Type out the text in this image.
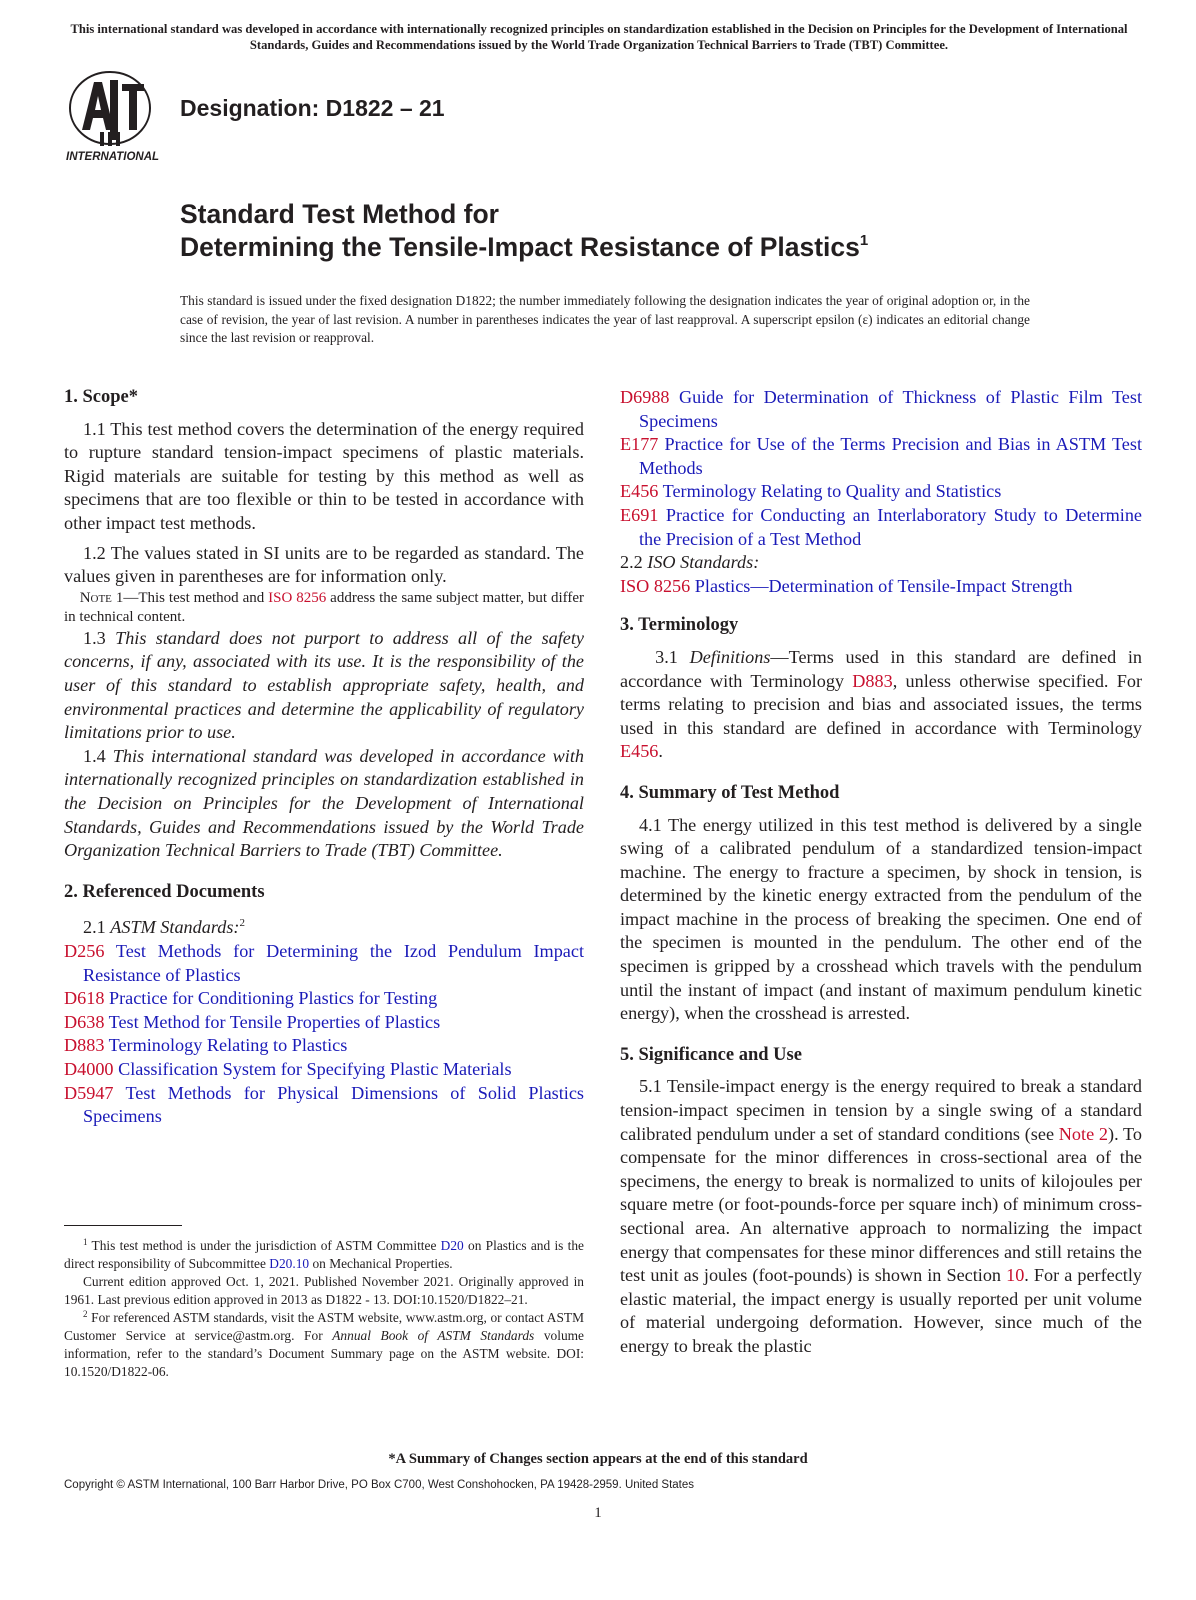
This international standard was developed in accordance with internationally recognized principles on standardization established in the Decision on Principles for the Development of International Standards, Guides and Recommendations issued by the World Trade Organization Technical Barriers to Trade (TBT) Committee.
INTERNATIONAL
Designation: D1822 – 21
Standard Test Method for
Determining the Tensile-Impact Resistance of Plastics$^1$
This standard is issued under the fixed designation D1822; the number immediately following the designation indicates the year of original adoption or, in the case of revision, the year of last revision. A number in parentheses indicates the year of last reapproval. A superscript epsilon (ε) indicates an editorial change since the last revision or reapproval.
1. Scope*

1.1 This test method covers the determination of the energy required to rupture standard tension-impact specimens of plastic materials. Rigid materials are suitable for testing by this method as well as specimens that are too flexible or thin to be tested in accordance with other impact test methods.

1.2 The values stated in SI units are to be regarded as standard. The values given in parentheses are for information only.

Note 1—This test method and ISO 8256 address the same subject matter, but differ in technical content.

1.3 This standard does not purport to address all of the safety concerns, if any, associated with its use. It is the responsibility of the user of this standard to establish appropriate safety, health, and environmental practices and determine the applicability of regulatory limitations prior to use.

1.4 This international standard was developed in accordance with internationally recognized principles on standardization established in the Decision on Principles for the Development of International Standards, Guides and Recommendations issued by the World Trade Organization Technical Barriers to Trade (TBT) Committee.

2. Referenced Documents

2.1 ASTM Standards:$^2$

D256 Test Methods for Determining the Izod Pendulum Impact Resistance of Plastics

D618 Practice for Conditioning Plastics for Testing

D638 Test Method for Tensile Properties of Plastics

D883 Terminology Relating to Plastics

D4000 Classification System for Specifying Plastic Materials

D5947 Test Methods for Physical Dimensions of Solid Plastics Specimens

D6988 Guide for Determination of Thickness of Plastic Film Test Specimens

E177 Practice for Use of the Terms Precision and Bias in ASTM Test Methods

E456 Terminology Relating to Quality and Statistics

E691 Practice for Conducting an Interlaboratory Study to Determine the Precision of a Test Method

2.2 ISO Standards:

ISO 8256 Plastics—Determination of Tensile-Impact Strength

3. Terminology

3.1 Definitions—Terms used in this standard are defined in accordance with Terminology D883, unless otherwise specified. For terms relating to precision and bias and associated issues, the terms used in this standard are defined in accordance with Terminology E456.

4. Summary of Test Method

4.1 The energy utilized in this test method is delivered by a single swing of a calibrated pendulum of a standardized tension-impact machine. The energy to fracture a specimen, by shock in tension, is determined by the kinetic energy extracted from the pendulum of the impact machine in the process of breaking the specimen. One end of the specimen is mounted in the pendulum. The other end of the specimen is gripped by a crosshead which travels with the pendulum until the instant of impact (and instant of maximum pendulum kinetic energy), when the crosshead is arrested.

5. Significance and Use

5.1 Tensile-impact energy is the energy required to break a standard tension-impact specimen in tension by a single swing of a standard calibrated pendulum under a set of standard conditions (see Note 2). To compensate for the minor differences in cross-sectional area of the specimens, the energy to break is normalized to units of kilojoules per square metre (or foot-pounds-force per square inch) of minimum cross-sectional area. An alternative approach to normalizing the impact energy that compensates for these minor differences and still retains the test unit as joules (foot-pounds) is shown in Section 10. For a perfectly elastic material, the impact energy is usually reported per unit volume of material undergoing deformation. However, since much of the energy to break the plastic

$^1$ This test method is under the jurisdiction of ASTM Committee D20 on Plastics and is the direct responsibility of Subcommittee D20.10 on Mechanical Properties.

Current edition approved Oct. 1, 2021. Published November 2021. Originally approved in 1961. Last previous edition approved in 2013 as D1822 - 13. DOI:10.1520/D1822–21.

$^2$ For referenced ASTM standards, visit the ASTM website, www.astm.org, or contact ASTM Customer Service at service@astm.org. For Annual Book of ASTM Standards volume information, refer to the standard’s Document Summary page on the ASTM website. DOI: 10.1520/D1822-06.

*A Summary of Changes section appears at the end of this standard
Copyright © ASTM International, 100 Barr Harbor Drive, PO Box C700, West Conshohocken, PA 19428-2959. United States
1
